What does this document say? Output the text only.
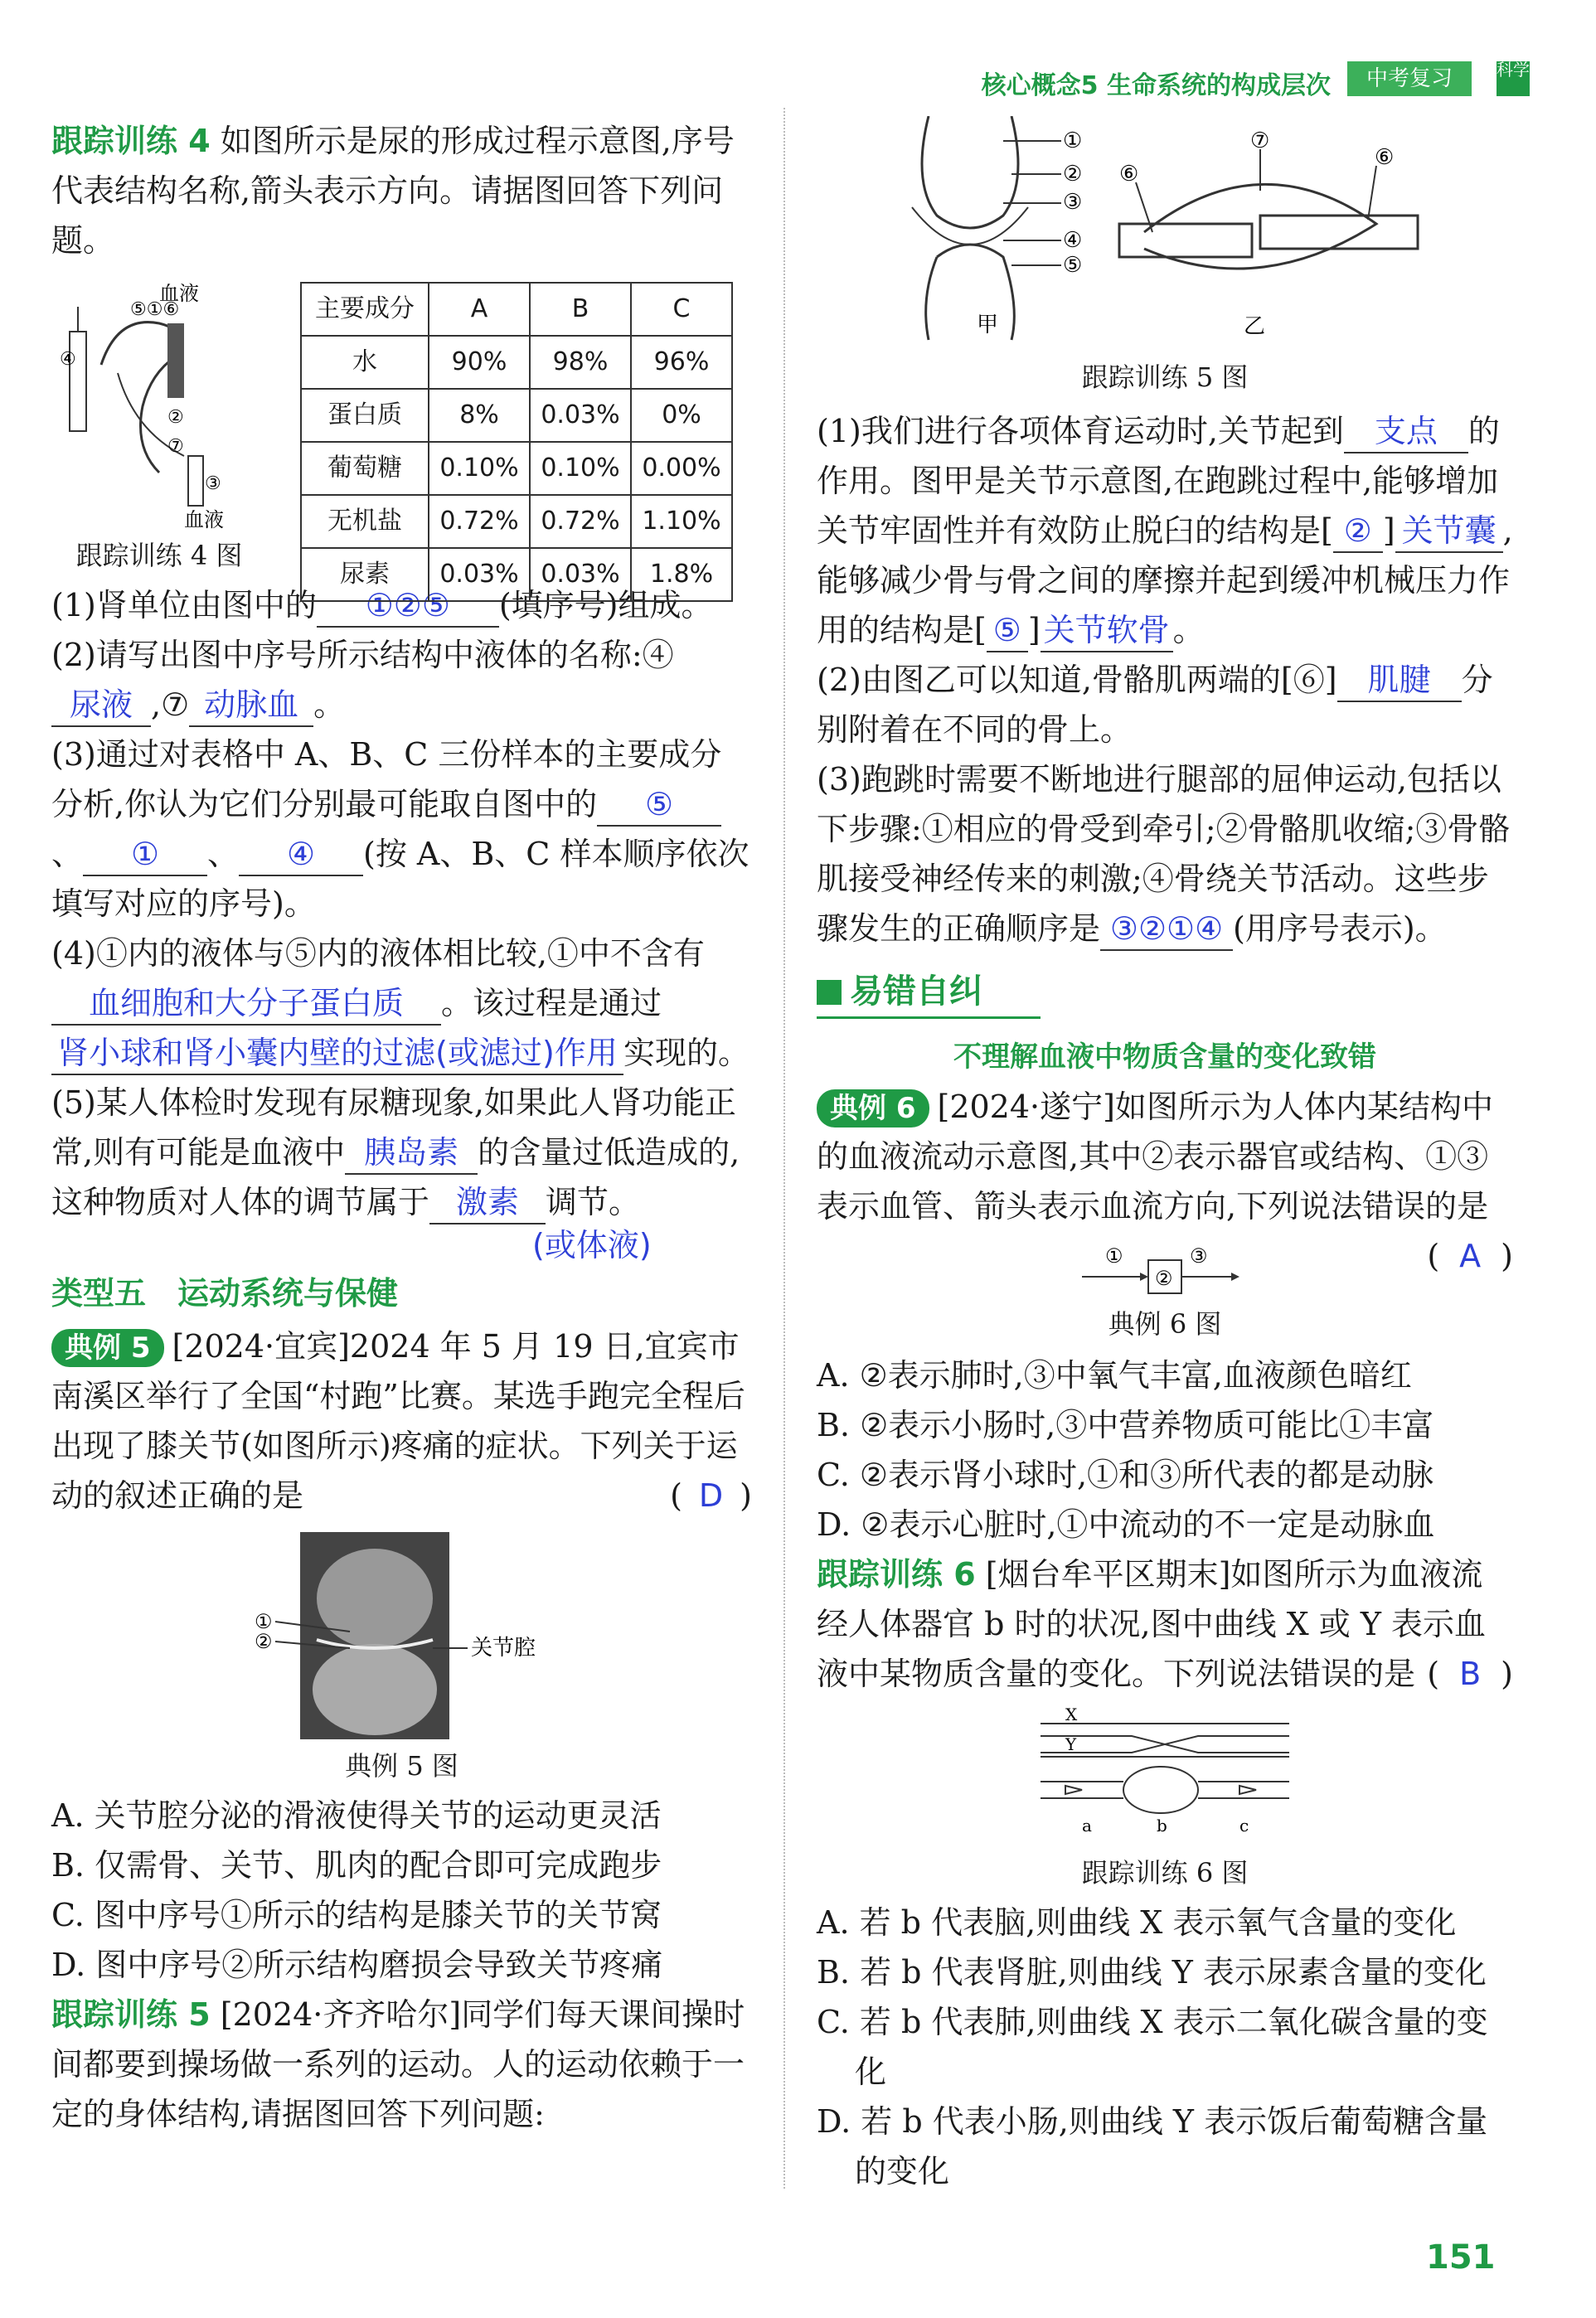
核心概念5 生命系统的构成层次
科学
中考复习

跟踪训练 4 如图所示是尿的形成过程示意图,序号代表结构名称,箭头表示方向。请据图回答下列问题。

血液
⑤①⑥
④
②
⑦
③
血液
跟踪训练 4 图
主要成分	A	B	C
水	90%	98%	96%
蛋白质	8%	0.03%	0%
葡萄糖	0.10%	0.10%	0.00%
无机盐	0.72%	0.72%	1.10%
尿素	0.03%	0.03%	1.8%

(1)肾单位由图中的 ①②⑤ (填序号)组成。

(2)请写出图中序号所示结构中液体的名称:④尿液 ,⑦ 动脉血 。

(3)通过对表格中 A、B、C 三份样本的主要成分分析,你认为它们分别最可能取自图中的 ⑤、 ① 、 ④ (按 A、B、C 样本顺序依次填写对应的序号)。

(4)①内的液体与⑤内的液体相比较,①中不含有血细胞和大分子蛋白质 。该过程是通过肾小球和肾小囊内壁的过滤(或滤过)作用 实现的。

(5)某人体检时发现有尿糖现象,如果此人肾功能正常,则有可能是血液中 胰岛素 的含量过低造成的,这种物质对人体的调节属于 激素 调节。

(或体液)

类型五　运动系统与保健

典例 5 [2024·宜宾]2024 年 5 月 19 日,宜宾市南溪区举行了全国“村跑”比赛。某选手跑完全程后出现了膝关节(如图所示)疼痛的症状。下列关于运动的叙述正确的是	( D )

①
②	关节腔
典例 5 图

A. 关节腔分泌的滑液使得关节的运动更灵活

B. 仅需骨、关节、肌肉的配合即可完成跑步

C. 图中序号①所示的结构是膝关节的关节窝

D. 图中序号②所示结构磨损会导致关节疼痛

跟踪训练 5 [2024·齐齐哈尔]同学们每天课间操时间都要到操场做一系列的运动。人的运动依赖于一定的身体结构,请据图回答下列问题:

①
②
③
④
⑤
甲
⑥
⑦
⑥
乙
跟踪训练 5 图

(1)我们进行各项体育运动时,关节起到 支点 的作用。图甲是关节示意图,在跑跳过程中,能够增加关节牢固性并有效防止脱臼的结构是[ ② ] 关节囊 ,能够减少骨与骨之间的摩擦并起到缓冲机械压力作用的结构是[ ⑤ ] 关节软骨 。

(2)由图乙可以知道,骨骼肌两端的[⑥] 肌腱 分别附着在不同的骨上。

(3)跑跳时需要不断地进行腿部的屈伸运动,包括以下步骤:①相应的骨受到牵引;②骨骼肌收缩;③骨骼肌接受神经传来的刺激;④骨绕关节活动。这些步骤发生的正确顺序是 ③②①④ (用序号表示)。

易错自纠

不理解血液中物质含量的变化致错

典例 6 [2024·遂宁]如图所示为人体内某结构中的血液流动示意图,其中②表示器官或结构、①③表示血管、箭头表示血流方向,下列说法错误的是
( A )

①
②
③
典例 6 图

A. ②表示肺时,③中氧气丰富,血液颜色暗红

B. ②表示小肠时,③中营养物质可能比①丰富

C. ②表示肾小球时,①和③所代表的都是动脉

D. ②表示心脏时,①中流动的不一定是动脉血

跟踪训练 6 [烟台牟平区期末]如图所示为血液流经人体器官 b 时的状况,图中曲线 X 或 Y 表示血液中某物质含量的变化。下列说法错误的是 ( B )

X
Y
a	b	c
跟踪训练 6 图

A. 若 b 代表脑,则曲线 X 表示氧气含量的变化

B. 若 b 代表肾脏,则曲线 Y 表示尿素含量的变化

C. 若 b 代表肺,则曲线 X 表示二氧化碳含量的变化

D. 若 b 代表小肠,则曲线 Y 表示饭后葡萄糖含量的变化

151
